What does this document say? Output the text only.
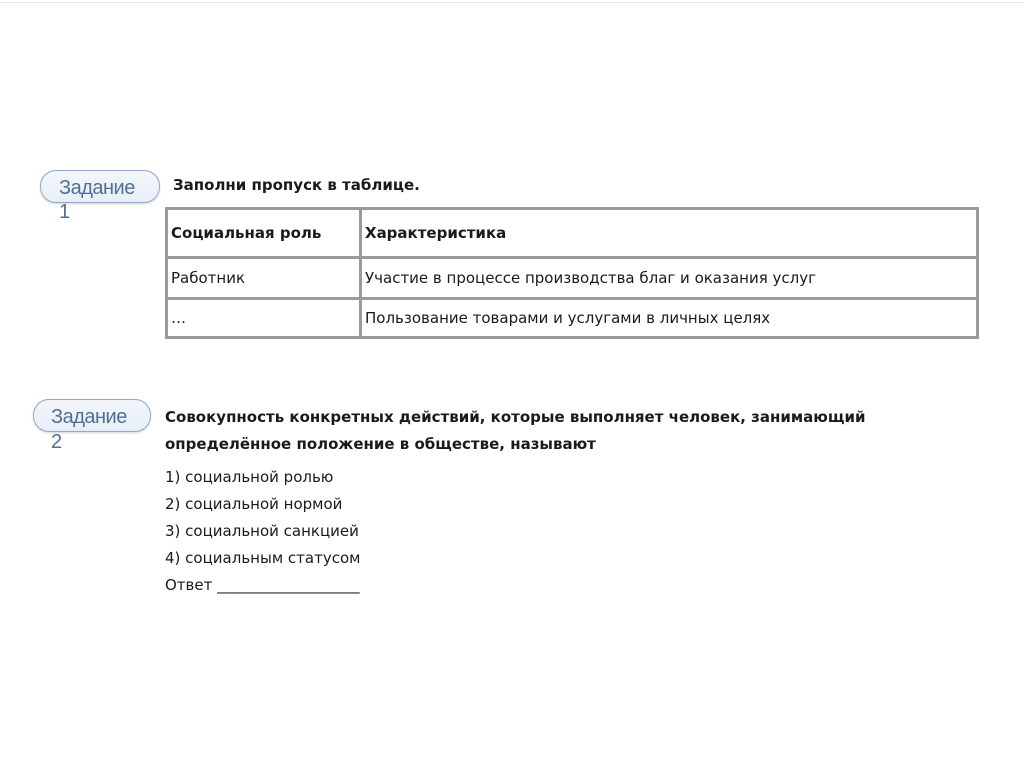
Задание
1
Заполни пропуск в таблице.
Социальная роль	Характеристика
Работник	Участие в процессе производства благ и оказания услуг
…	Пользование товарами и услугами в личных целях
Задание
2
Совокупность конкретных действий, которые выполняет человек, занимающий
определённое положение в обществе, называют
1) социальной ролью
2) социальной нормой
3) социальной санкцией
4) социальным статусом
Ответ ___________________
